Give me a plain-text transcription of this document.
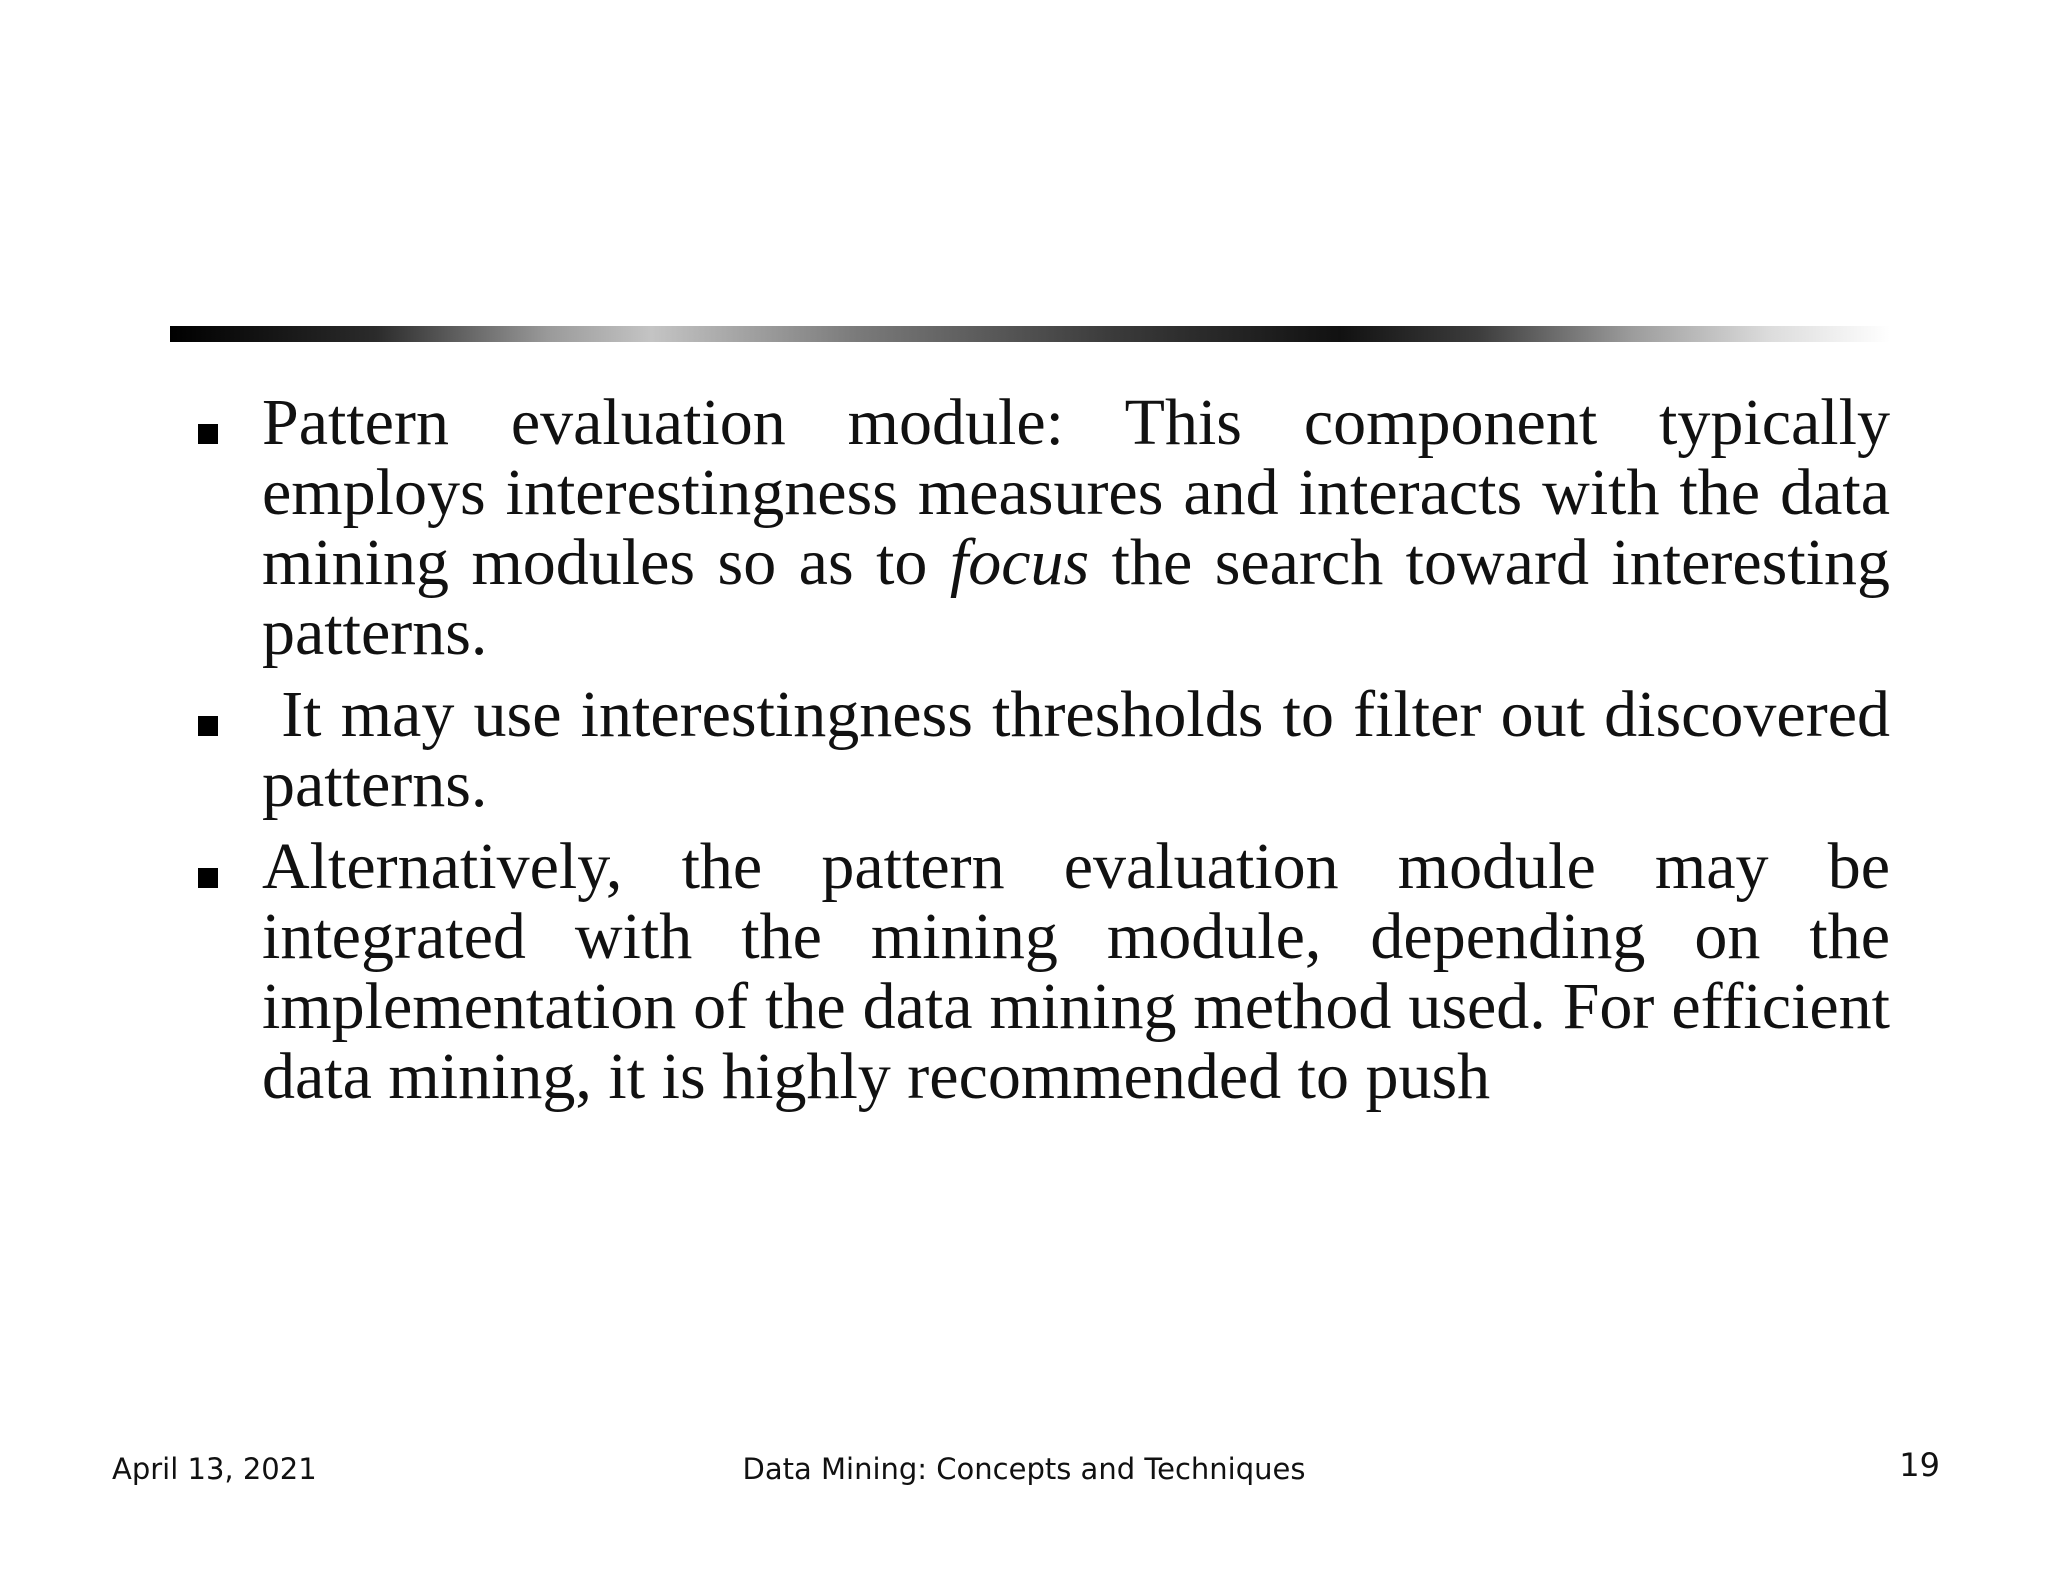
Pattern evaluation module: This component typically employs interestingness measures and interacts with the data mining modules so as to focus the search toward interesting patterns.
It may use interestingness thresholds to filter out discovered patterns.
Alternatively, the pattern evaluation module may be integrated with the mining module, depending on the implementation of the data mining method used. For efficient data mining, it is highly recommended to push
April 13, 2021	Data Mining: Concepts and Techniques	19
